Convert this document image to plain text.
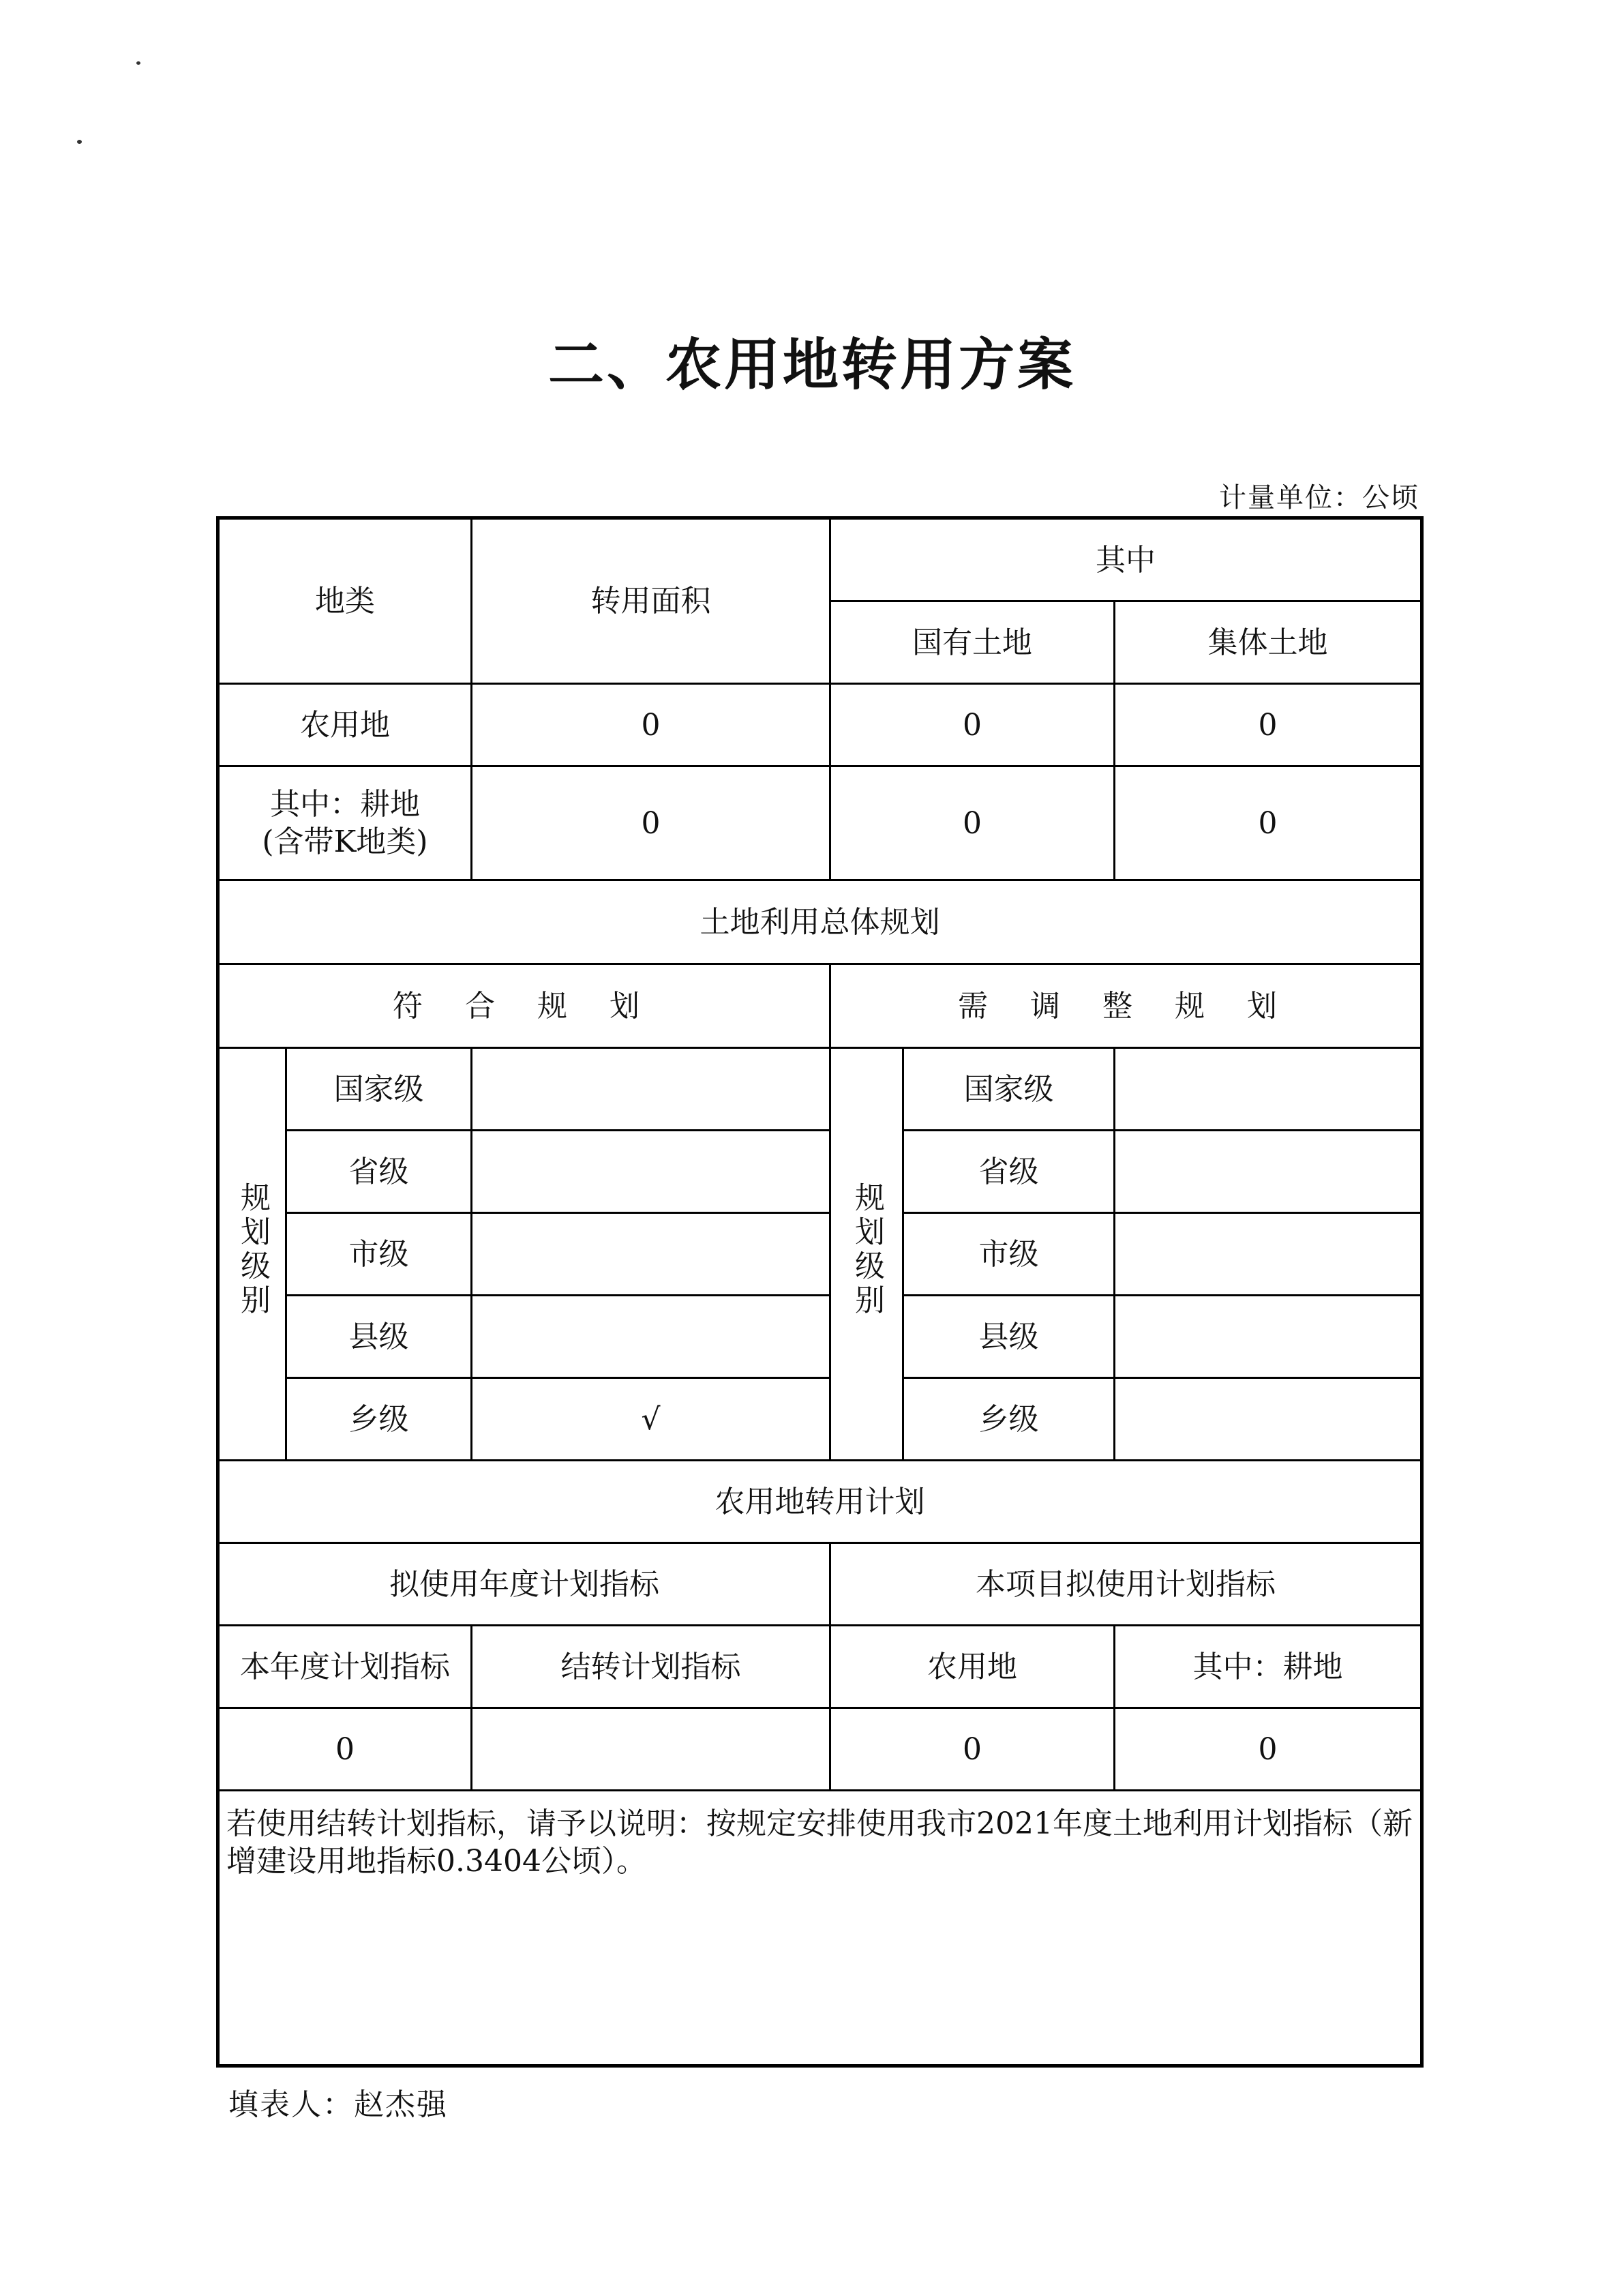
二、农用地转用方案
计量单位：公顷
地类		转用面积	其中		
			国有土地		集体土地
农用地		0	0		0

其中：耕地
(含带K地类)		0	0		0
土地利用总体规划					
符 合 规 划			需 调 整 规 划		
规划级别	国家级		规划级别	国家级	
	省级			省级	
	市级			市级	
	县级			县级	
	乡级	√		乡级	
农用地转用计划					
拟使用年度计划指标			本项目拟使用计划指标		
本年度计划指标		结转计划指标	农用地		其中：耕地
0			0		0
若使用结转计划指标，请予以说明：按规定安排使用我市2021年度土地利用计划指标（新增建设用地指标0.3404公顷）。					
填表人：赵杰强
